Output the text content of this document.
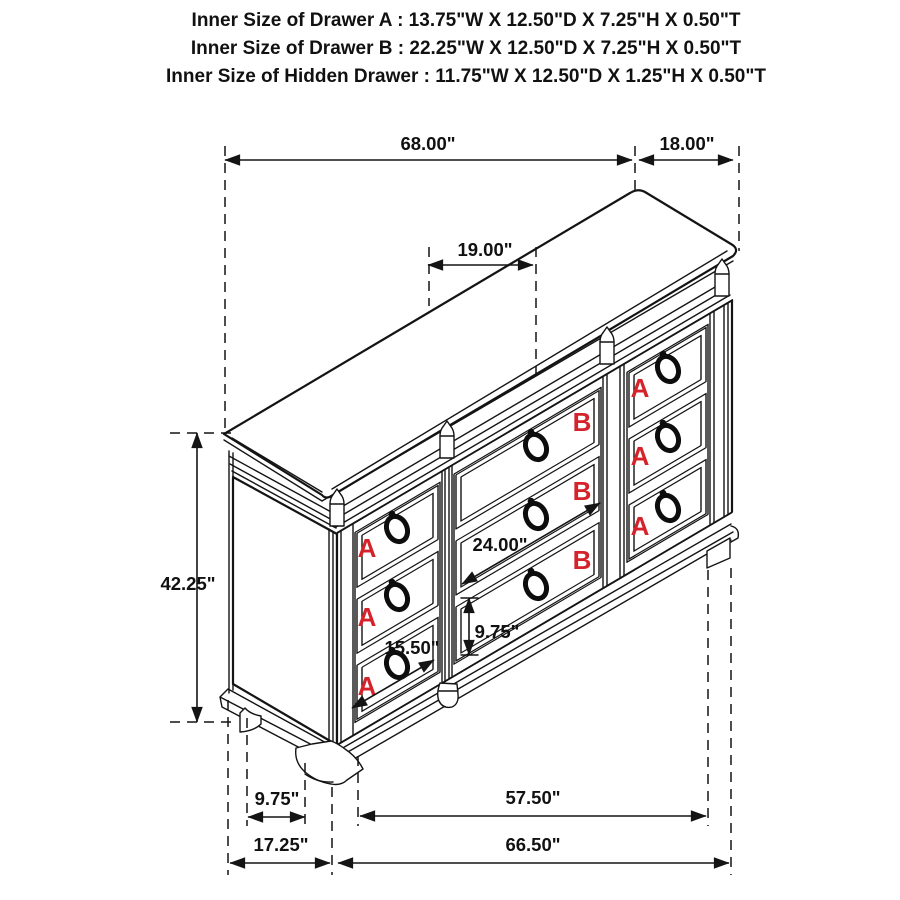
Inner Size of Drawer A : 13.75"W X 12.50"D X 7.25"H X 0.50"T
Inner Size of Drawer B : 22.25"W X 12.50"D X 7.25"H X 0.50"T
Inner Size of Hidden Drawer : 11.75"W X 12.50"D X 1.25"H X 0.50"T
A
A
A
B
B
B
A
A
A
68.00"	18.00"
19.00"
42.25"
24.00"
9.75"
15.50"
9.75"	57.50"
17.25"	66.50"
